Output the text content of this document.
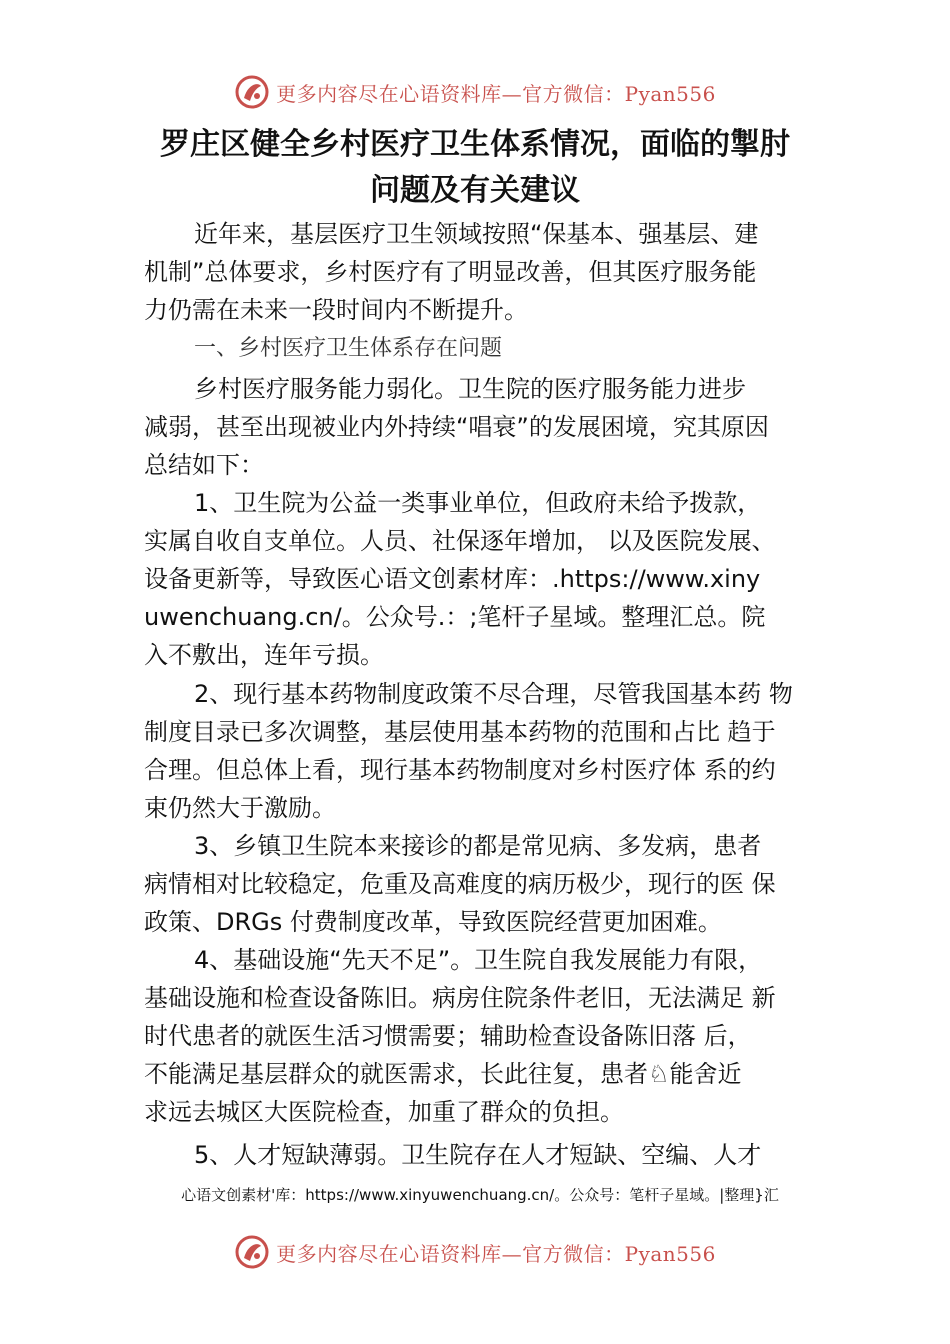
更多内容尽在心语资料库—官方微信：Pyan556
罗庄区健全乡村医疗卫生体系情况，面临的掣肘
问题及有关建议
近年来，基层医疗卫生领域按照“保基本、强基层、建
机制”总体要求，乡村医疗有了明显改善，但其医疗服务能
力仍需在未来一段时间内不断提升。
一、乡村医疗卫生体系存在问题
乡村医疗服务能力弱化。卫生院的医疗服务能力进步
减弱，甚至出现被业内外持续“唱衰”的发展困境，究其原因
总结如下：
1、卫生院为公益一类事业单位，但政府未给予拨款，
实属自收自支单位。人员、社保逐年增加， 以及医院发展、
设备更新等，导致医心语文创素材库：.https://www.xiny
uwenchuang.cn/。公众号.：;笔杆子星域。整理汇总。院
入不敷出，连年亏损。
2、现行基本药物制度政策不尽合理，尽管我国基本药 物
制度目录已多次调整，基层使用基本药物的范围和占比 趋于
合理。但总体上看，现行基本药物制度对乡村医疗体 系的约
束仍然大于激励。
3、乡镇卫生院本来接诊的都是常见病、多发病，患者
病情相对比较稳定，危重及高难度的病历极少，现行的医 保
政策、DRGs 付费制度改革，导致医院经营更加困难。
4、基础设施“先天不足”。卫生院自我发展能力有限，
基础设施和检查设备陈旧。病房住院条件老旧，无法满足 新
时代患者的就医生活习惯需要；辅助检查设备陈旧落 后，
不能满足基层群众的就医需求，长此往复，患者♘能舍近
求远去城区大医院检查，加重了群众的负担。
5、人才短缺薄弱。卫生院存在人才短缺、空编、人才
心语文创素材'库：https://www.xinyuwenchuang.cn/。公众号：笔杆子星域。|整理}汇
更多内容尽在心语资料库—官方微信：Pyan556
